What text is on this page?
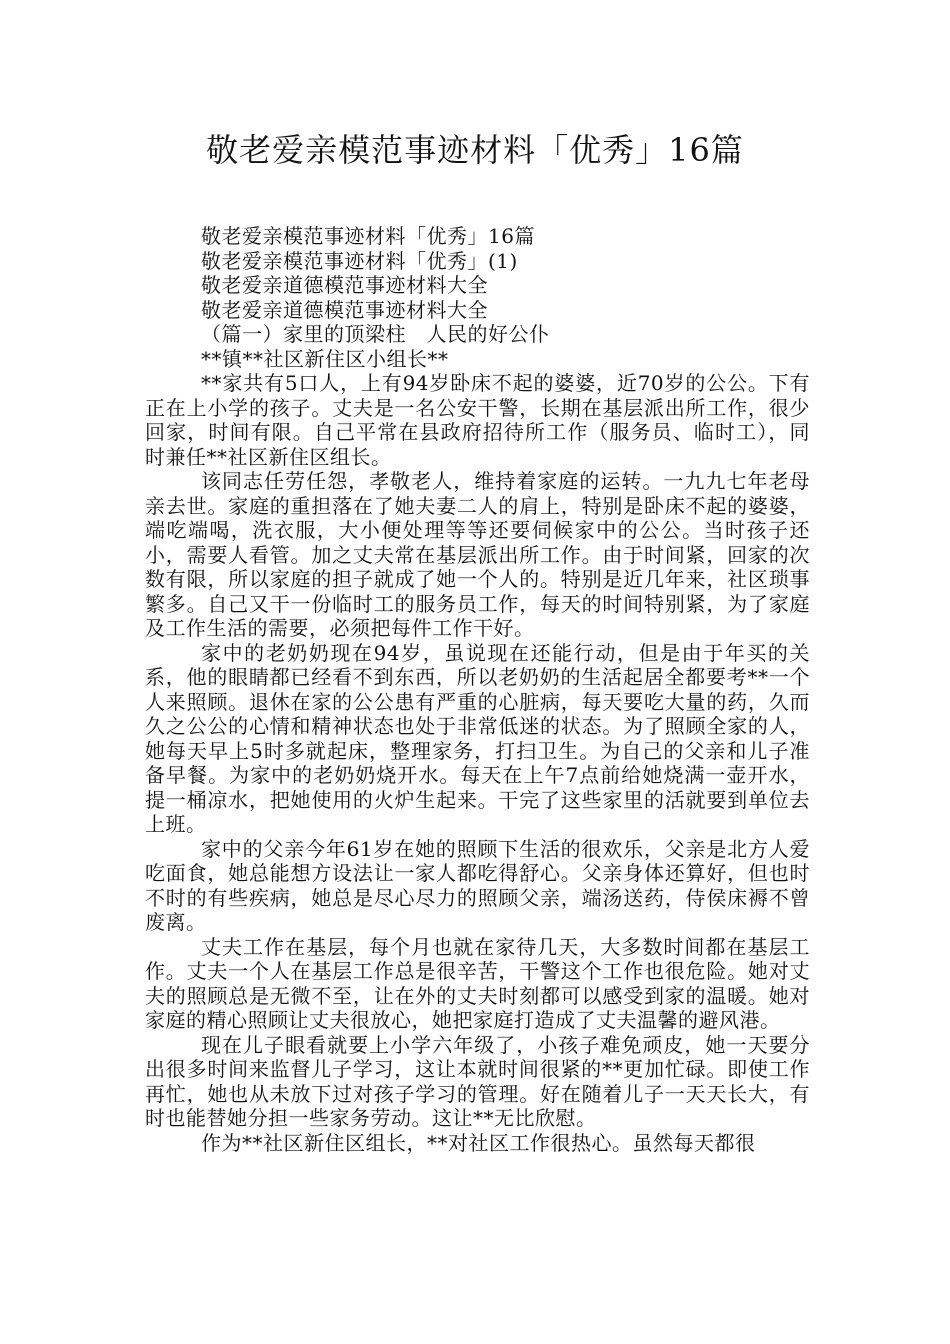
敬老爱亲模范事迹材料「优秀」16篇

敬老爱亲模范事迹材料「优秀」16篇

敬老爱亲模范事迹材料「优秀」(1)

敬老爱亲道德模范事迹材料大全

敬老爱亲道德模范事迹材料大全

（篇一）家里的顶梁柱　人民的好公仆

**镇**社区新住区小组长**

**家共有5口人，上有94岁卧床不起的婆婆，近70岁的公公。下有正在上小学的孩子。丈夫是一名公安干警，长期在基层派出所工作，很少回家，时间有限。自己平常在县政府招待所工作（服务员、临时工），同时兼任**社区新住区组长。

该同志任劳任怨，孝敬老人，维持着家庭的运转。一九九七年老母亲去世。家庭的重担落在了她夫妻二人的肩上，特别是卧床不起的婆婆，端吃端喝，洗衣服，大小便处理等等还要伺候家中的公公。当时孩子还小，需要人看管。加之丈夫常在基层派出所工作。由于时间紧，回家的次数有限，所以家庭的担子就成了她一个人的。特别是近几年来，社区琐事繁多。自己又干一份临时工的服务员工作，每天的时间特别紧，为了家庭及工作生活的需要，必须把每件工作干好。

家中的老奶奶现在94岁，虽说现在还能行动，但是由于年买的关系，他的眼睛都已经看不到东西，所以老奶奶的生活起居全都要考**一个人来照顾。退休在家的公公患有严重的心脏病，每天要吃大量的药，久而久之公公的心情和精神状态也处于非常低迷的状态。为了照顾全家的人，她每天早上5时多就起床，整理家务，打扫卫生。为自己的父亲和儿子准备早餐。为家中的老奶奶烧开水。每天在上午7点前给她烧满一壶开水，提一桶凉水，把她使用的火炉生起来。干完了这些家里的活就要到单位去上班。

家中的父亲今年61岁在她的照顾下生活的很欢乐，父亲是北方人爱吃面食，她总能想方设法让一家人都吃得舒心。父亲身体还算好，但也时不时的有些疾病，她总是尽心尽力的照顾父亲，端汤送药，侍侯床褥不曾废离。

丈夫工作在基层，每个月也就在家待几天，大多数时间都在基层工作。丈夫一个人在基层工作总是很辛苦，干警这个工作也很危险。她对丈夫的照顾总是无微不至，让在外的丈夫时刻都可以感受到家的温暖。她对家庭的精心照顾让丈夫很放心，她把家庭打造成了丈夫温馨的避风港。

现在儿子眼看就要上小学六年级了，小孩子难免顽皮，她一天要分出很多时间来监督儿子学习，这让本就时间很紧的**更加忙碌。即使工作再忙，她也从未放下过对孩子学习的管理。好在随着儿子一天天长大，有时也能替她分担一些家务劳动。这让**无比欣慰。

作为**社区新住区组长，**对社区工作很热心。虽然每天都很
